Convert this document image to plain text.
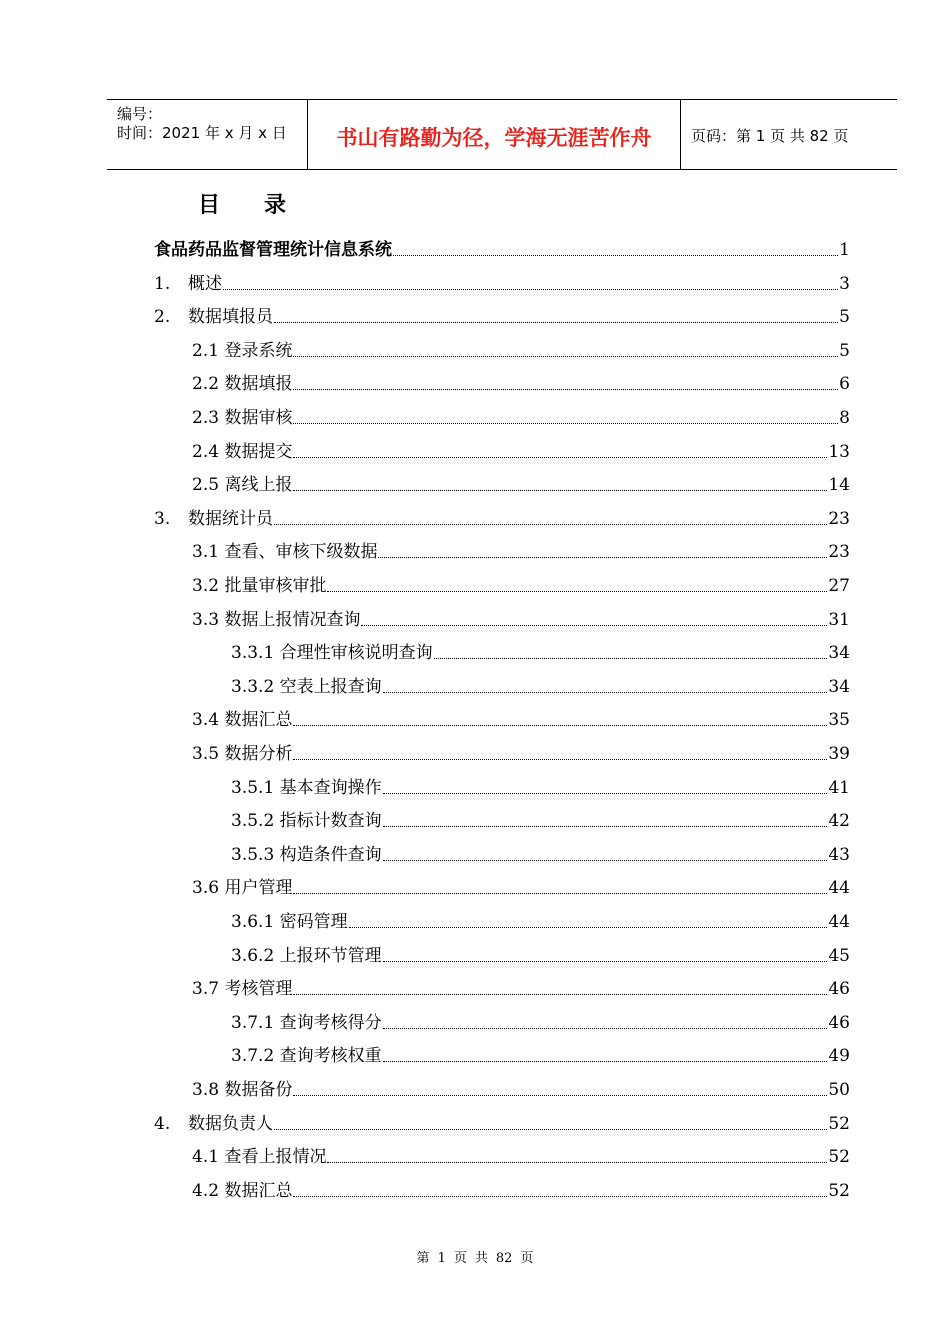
编号：
时间：2021 年 x 月 x 日	书山有路勤为径，学海无涯苦作舟	页码：第 1 页 共 82 页
目录
食品药品监督管理统计信息系统	1
1. 概述	3
2. 数据填报员	5
2.1 登录系统	5
2.2 数据填报	6
2.3 数据审核	8
2.4 数据提交	13
2.5 离线上报	14
3. 数据统计员	23
3.1 查看、审核下级数据	23
3.2 批量审核审批	27
3.3 数据上报情况查询	31
3.3.1 合理性审核说明查询	34
3.3.2 空表上报查询	34
3.4 数据汇总	35
3.5 数据分析	39
3.5.1 基本查询操作	41
3.5.2 指标计数查询	42
3.5.3 构造条件查询	43
3.6 用户管理	44
3.6.1 密码管理	44
3.6.2 上报环节管理	45
3.7 考核管理	46
3.7.1 查询考核得分	46
3.7.2 查询考核权重	49
3.8 数据备份	50
4. 数据负责人	52
4.1 查看上报情况	52
4.2 数据汇总	52
第 1 页 共 82 页
